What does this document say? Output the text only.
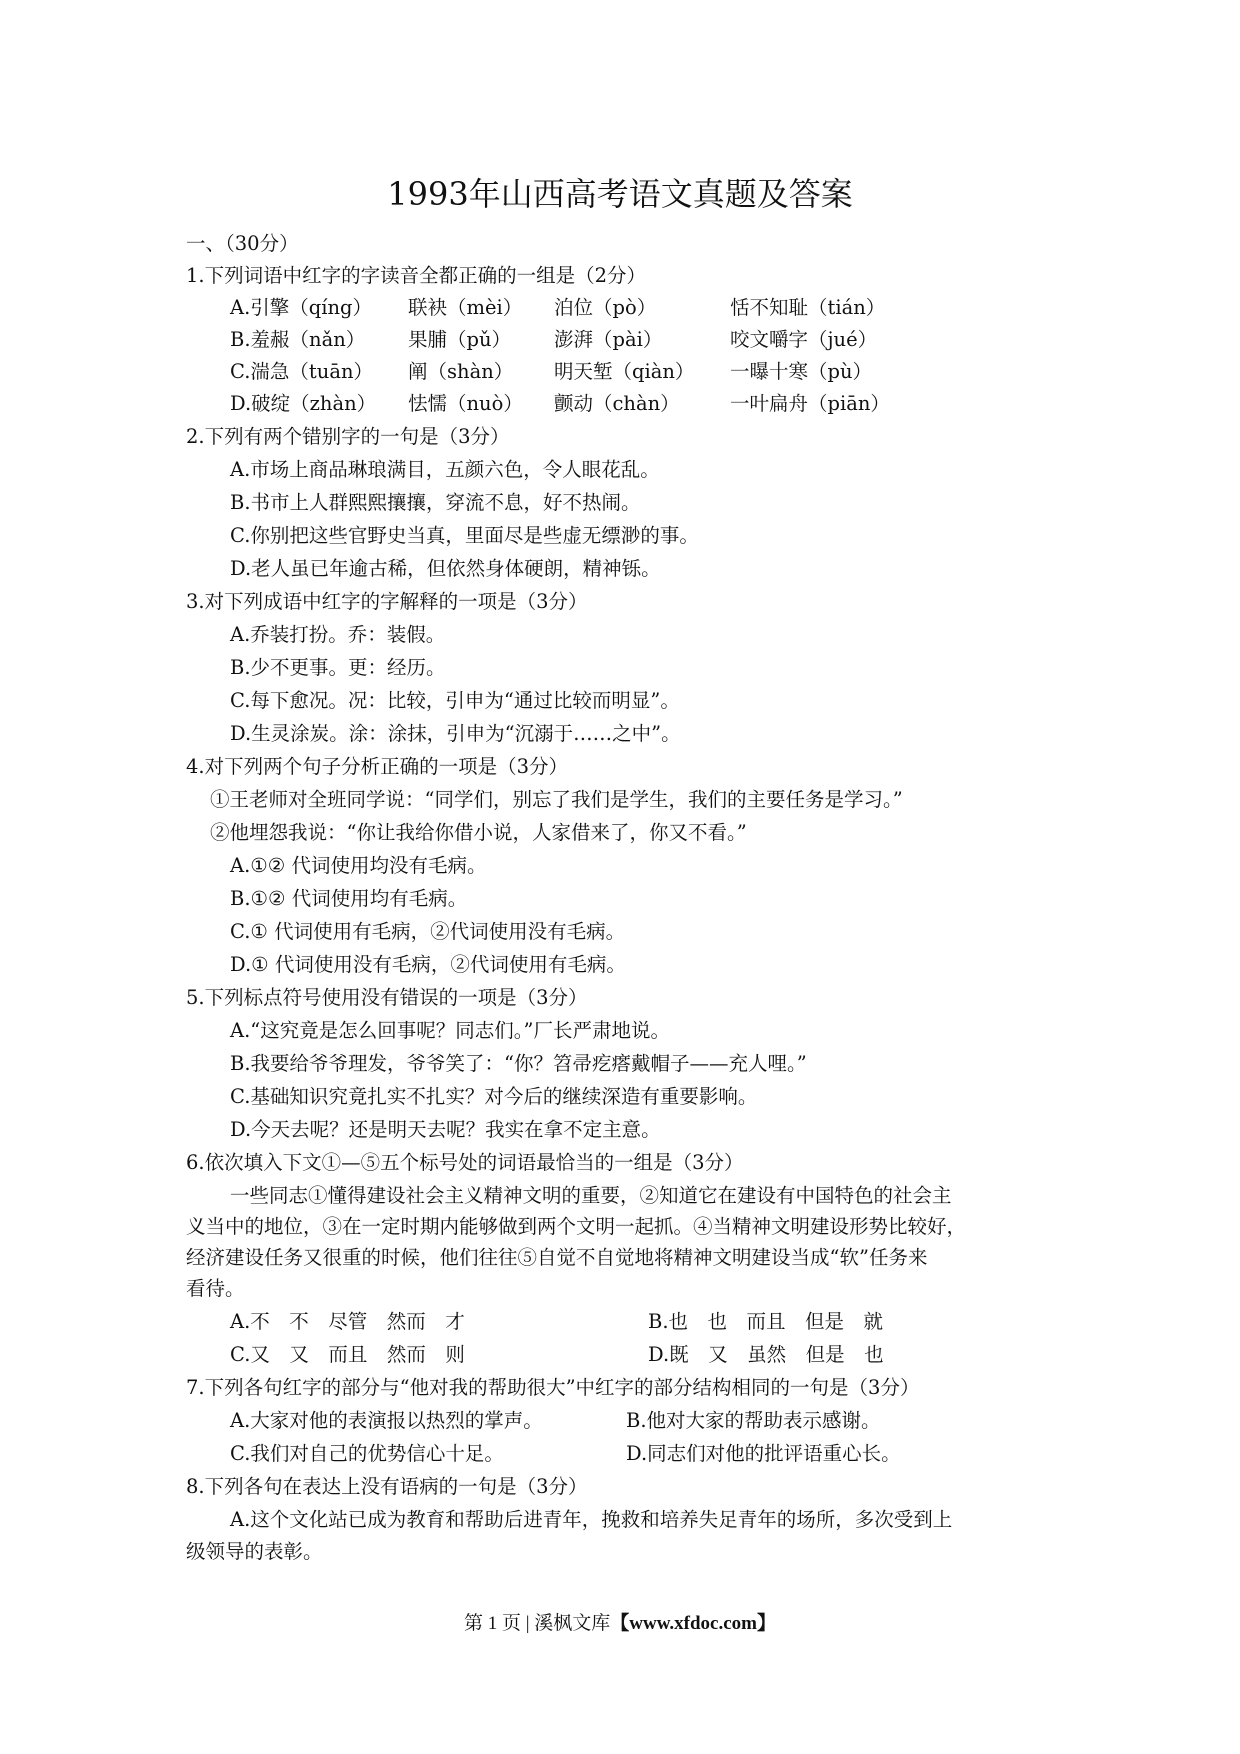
1993年山西高考语文真题及答案
一、（30分）
1.下列词语中红字的字读音全都正确的一组是（2分）
A.引擎（qíng） 联袂（mèi） 泊位（pò）	恬不知耻（tián）
B.羞赧（nǎn） 果脯（pǔ） 澎湃（pài）	咬文嚼字（jué）
C.湍急（tuān） 阐（shàn） 明天堑（qiàn） 一曝十寒（pù）
D.破绽（zhàn） 怯懦（nuò） 颤动（chàn）	一叶扁舟（piān）
2.下列有两个错别字的一句是（3分）
A.市场上商品琳琅满目，五颜六色，令人眼花乱。
B.书市上人群熙熙攘攘，穿流不息，好不热闹。
C.你别把这些官野史当真，里面尽是些虚无缥渺的事。
D.老人虽已年逾古稀，但依然身体硬朗，精神铄。
3.对下列成语中红字的字解释的一项是（3分）
A.乔装打扮。乔：装假。
B.少不更事。更：经历。
C.每下愈况。况：比较，引申为“通过比较而明显”。
D.生灵涂炭。涂：涂抹，引申为“沉溺于……之中”。
4.对下列两个句子分析正确的一项是（3分）
①王老师对全班同学说：“同学们，别忘了我们是学生，我们的主要任务是学习。”
②他埋怨我说：“你让我给你借小说，人家借来了，你又不看。”
A.①② 代词使用均没有毛病。
B.①② 代词使用均有毛病。
C.① 代词使用有毛病，②代词使用没有毛病。
D.① 代词使用没有毛病，②代词使用有毛病。
5.下列标点符号使用没有错误的一项是（3分）
A.“这究竟是怎么回事呢？同志们。”厂长严肃地说。
B.我要给爷爷理发，爷爷笑了：“你？笤帚疙瘩戴帽子——充人哩。”
C.基础知识究竟扎实不扎实？对今后的继续深造有重要影响。
D.今天去呢？还是明天去呢？我实在拿不定主意。
6.依次填入下文①—⑤五个标号处的词语最恰当的一组是（3分）
一些同志①懂得建设社会主义精神文明的重要，②知道它在建设有中国特色的社会主
义当中的地位，③在一定时期内能够做到两个文明一起抓。④当精神文明建设形势比较好，
经济建设任务又很重的时候，他们往往⑤自觉不自觉地将精神文明建设当成“软”任务来
看待。
A.不　不　尽管　然而　才	B.也　也　而且　但是　就
C.又　又　而且　然而　则	D.既　又　虽然　但是　也
7.下列各句红字的部分与“他对我的帮助很大”中红字的部分结构相同的一句是（3分）
A.大家对他的表演报以热烈的掌声。	B.他对大家的帮助表示感谢。
C.我们对自己的优势信心十足。	D.同志们对他的批评语重心长。
8.下列各句在表达上没有语病的一句是（3分）
A.这个文化站已成为教育和帮助后进青年，挽救和培养失足青年的场所，多次受到上
级领导的表彰。
第 1 页 | 溪枫文库【www.xfdoc.com】
